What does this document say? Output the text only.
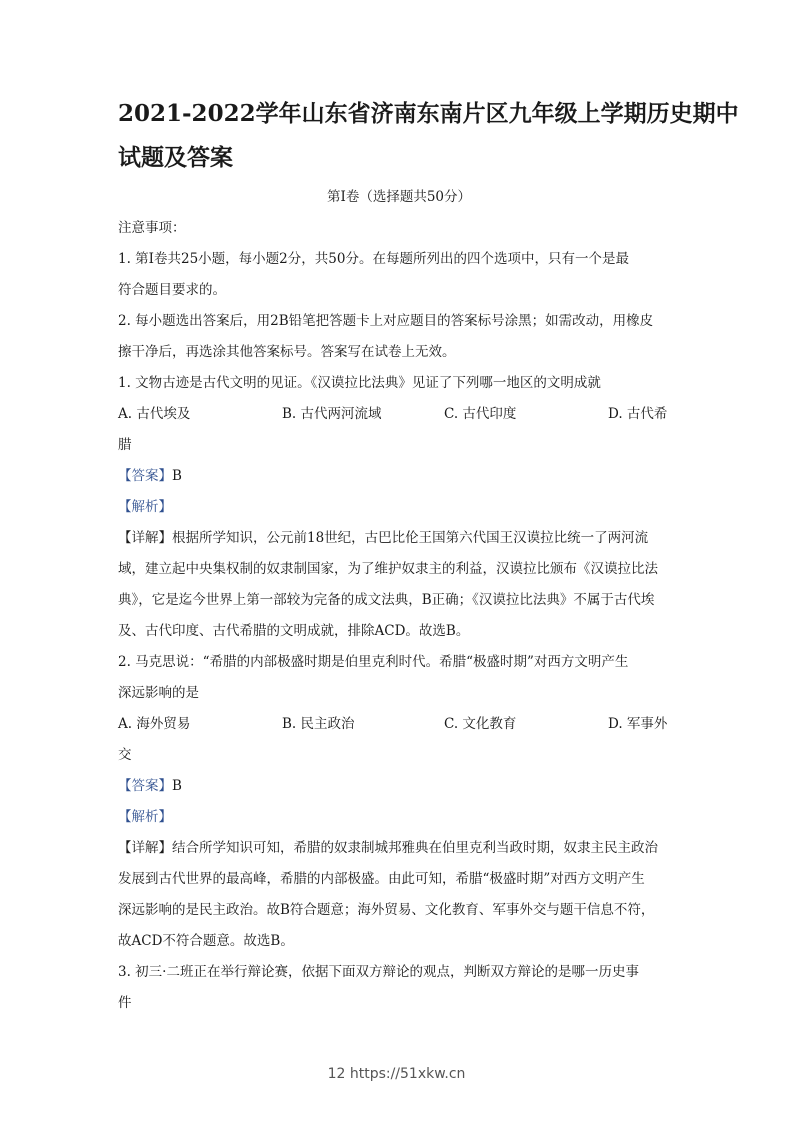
2021-2022学年山东省济南东南片区九年级上学期历史期中
试题及答案
第Ⅰ卷（选择题共50分）
注意事项：
1. 第Ⅰ卷共25小题，每小题2分，共50分。在每题所列出的四个选项中，只有一个是最
符合题目要求的。
2. 每小题选出答案后，用2B铅笔把答题卡上对应题目的答案标号涂黑；如需改动，用橡皮
擦干净后，再选涂其他答案标号。答案写在试卷上无效。
1. 文物古迹是古代文明的见证。《汉谟拉比法典》见证了下列哪一地区的文明成就
A. 古代埃及	B. 古代两河流域	C. 古代印度	D. 古代希
腊
【答案】B
【解析】
【详解】根据所学知识，公元前18世纪，古巴比伦王国第六代国王汉谟拉比统一了两河流
域，建立起中央集权制的奴隶制国家，为了维护奴隶主的利益，汉谟拉比颁布《汉谟拉比法
典》，它是迄今世界上第一部较为完备的成文法典，B正确；《汉谟拉比法典》不属于古代埃
及、古代印度、古代希腊的文明成就，排除ACD。故选B。
2. 马克思说：“希腊的内部极盛时期是伯里克利时代。希腊“极盛时期”对西方文明产生
深远影响的是
A. 海外贸易	B. 民主政治	C. 文化教育	D. 军事外
交
【答案】B
【解析】
【详解】结合所学知识可知，希腊的奴隶制城邦雅典在伯里克利当政时期，奴隶主民主政治
发展到古代世界的最高峰，希腊的内部极盛。由此可知，希腊“极盛时期”对西方文明产生
深远影响的是民主政治。故B符合题意；海外贸易、文化教育、军事外交与题干信息不符，
故ACD不符合题意。故选B。
3. 初三·二班正在举行辩论赛，依据下面双方辩论的观点，判断双方辩论的是哪一历史事
件
12 https://51xkw.cn
